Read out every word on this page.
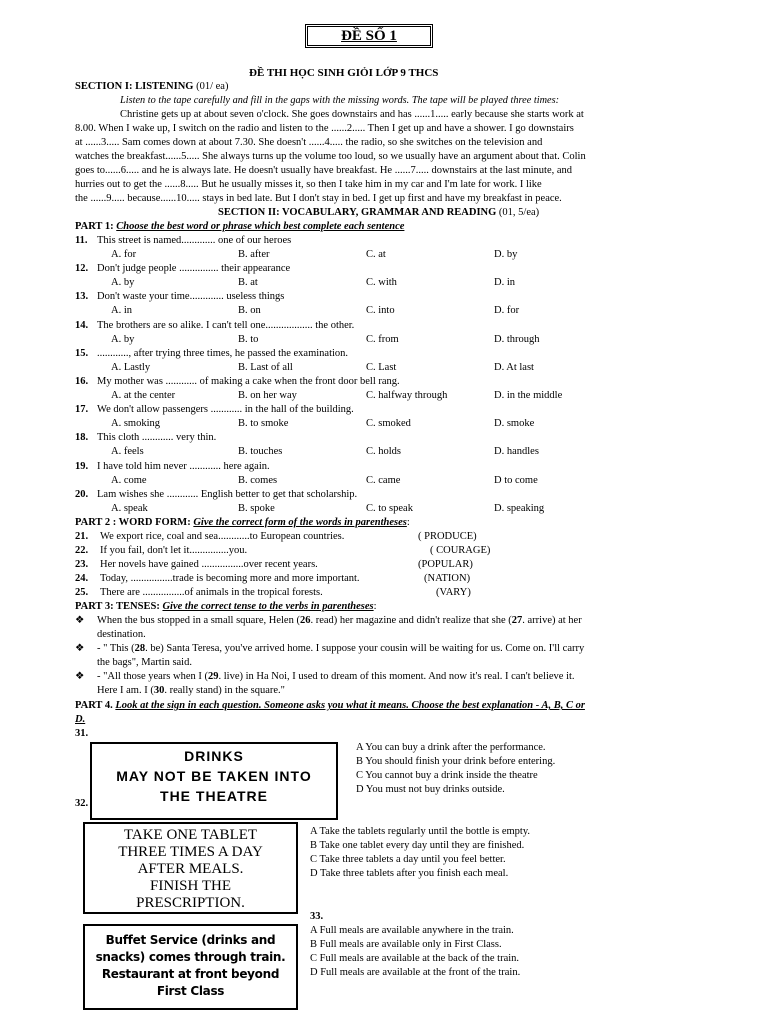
ĐỀ SỐ 1
ĐỀ THI HỌC SINH GIỎI LỚP 9 THCS
SECTION I: LISTENING (01/ ea)
Listen to the tape carefully and fill in the gaps with the missing words. The tape will be played three times:
Christine gets up at about seven o'clock. She goes downstairs and has ......1..... early because she starts work at
8.00. When I wake up, I switch on the radio and listen to the ......2..... Then I get up and have a shower. I go downstairs
at ......3..... Sam comes down at about 7.30. She doesn't ......4..... the radio, so she switches on the television and
watches the breakfast......5..... She always turns up the volume too loud, so we usually have an argument about that. Colin
goes to......6..... and he is always late. He doesn't usually have breakfast. He ......7..... downstairs at the last minute, and
hurries out to get the ......8..... But he usually misses it, so then I take him in my car and I'm late for work. I like
the ......9..... because......10..... stays in bed late. But I don't stay in bed. I get up first and have my breakfast in peace.
SECTION II: VOCABULARY, GRAMMAR AND READING (01, 5/ea)
PART 1: Choose the best word or phrase which best complete each sentence
11. This street is named............. one of our heroes
A. for	B. after	C. at	D. by
12. Don't judge people ............... their appearance
A. by	B. at	C. with	D. in
13. Don't waste your time............. useless things
A. in	B. on	C. into	D. for
14. The brothers are so alike. I can't tell one.................. the other.
A. by	B. to	C. from	D. through
15. ............, after trying three times, he passed the examination.
A. Lastly	B. Last of all	C. Last	D. At last
16. My mother was ............ of making a cake when the front door bell rang.
A. at the center	B. on her way	C. halfway through	D. in the middle
17. We don't allow passengers ............ in the hall of the building.
A. smoking	B. to smoke	C. smoked	D. smoke
18. This cloth ............ very thin.
A. feels	B. touches	C. holds	D. handles
19. I have told him never ............ here again.
A. come	B. comes	C. came	D to come
20. Lam wishes she ............ English better to get that scholarship.
A. speak	B. spoke	C. to speak	D. speaking
PART 2 : WORD FORM: Give the correct form of the words in parentheses:
21. We export rice, coal and sea............to European countries.	( PRODUCE)
22. If you fail, don't let it...............you.	( COURAGE)
23. Her novels have gained ................over recent years.	(POPULAR)
24. Today, ................trade is becoming more and more important.	(NATION)
25. There are ................of animals in the tropical forests.	(VARY)
PART 3: TENSES: Give the correct tense to the verbs in parentheses:
❖ When the bus stopped in a small square, Helen (26. read) her magazine and didn't realize that she (27. arrive) at her
destination.
❖ - " This (28. be) Santa Teresa, you've arrived home. I suppose your cousin will be waiting for us. Come on. I'll carry
the bags", Martin said.
❖ - "All those years when I (29. live) in Ha Noi, I used to dream of this moment. And now it's real. I can't believe it.
Here I am. I (30. really stand) in the square."
PART 4. Look at the sign in each question. Someone asks you what it means. Choose the best explanation - A, B, C or
D.
31.
DRINKS
MAY NOT BE TAKEN INTO
THE THEATRE
A You can buy a drink after the performance.
B You should finish your drink before entering.
C You cannot buy a drink inside the theatre
D You must not buy drinks outside.
32.
TAKE ONE TABLET
THREE TIMES A DAY
AFTER MEALS.
FINISH THE
PRESCRIPTION.
A Take the tablets regularly until the bottle is empty.
B Take one tablet every day until they are finished.
C Take three tablets a day until you feel better.
D Take three tablets after you finish each meal.
33.
Buffet Service (drinks and
snacks) comes through train.
Restaurant at front beyond
First Class
A Full meals are available anywhere in the train.
B Full meals are available only in First Class.
C Full meals are available at the back of the train.
D Full meals are available at the front of the train.
